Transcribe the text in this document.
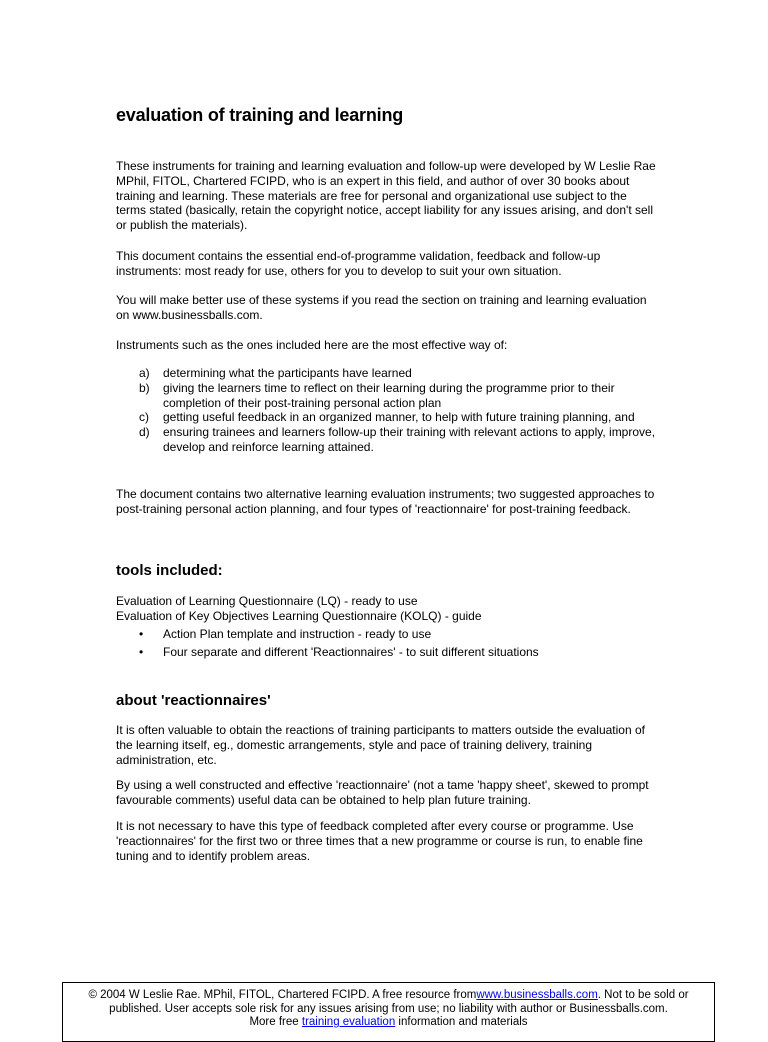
evaluation of training and learning

These instruments for training and learning evaluation and follow-up were developed by W Leslie Rae MPhil, FITOL, Chartered FCIPD, who is an expert in this field, and author of over 30 books about training and learning. These materials are free for personal and organizational use subject to the terms stated (basically, retain the copyright notice, accept liability for any issues arising, and don't sell or publish the materials).

This document contains the essential end-of-programme validation, feedback and follow-up instruments: most ready for use, others for you to develop to suit your own situation.

You will make better use of these systems if you read the section on training and learning evaluation on www.businessballs.com.

Instruments such as the ones included here are the most effective way of:

a) determining what the participants have learned
b) giving the learners time to reflect on their learning during the programme prior to their completion of their post-training personal action plan
c) getting useful feedback in an organized manner, to help with future training planning, and
d) ensuring trainees and learners follow-up their training with relevant actions to apply, improve, develop and reinforce learning attained.

The document contains two alternative learning evaluation instruments; two suggested approaches to post-training personal action planning, and four types of 'reactionnaire' for post-training feedback.

tools included:
Evaluation of Learning Questionnaire (LQ) - ready to use
Evaluation of Key Objectives Learning Questionnaire (KOLQ) - guide
• Action Plan template and instruction - ready to use
• Four separate and different 'Reactionnaires' - to suit different situations
about 'reactionnaires'

It is often valuable to obtain the reactions of training participants to matters outside the evaluation of the learning itself, eg., domestic arrangements, style and pace of training delivery, training administration, etc.

By using a well constructed and effective 'reactionnaire' (not a tame 'happy sheet', skewed to prompt favourable comments) useful data can be obtained to help plan future training.

It is not necessary to have this type of feedback completed after every course or programme. Use 'reactionnaires' for the first two or three times that a new programme or course is run, to enable fine tuning and to identify problem areas.

© 2004 W Leslie Rae. MPhil, FITOL, Chartered FCIPD. A free resource fromwww.businessballs.com. Not to be sold or published. User accepts sole risk for any issues arising from use; no liability with author or Businessballs.com.
More free training evaluation information and materials
